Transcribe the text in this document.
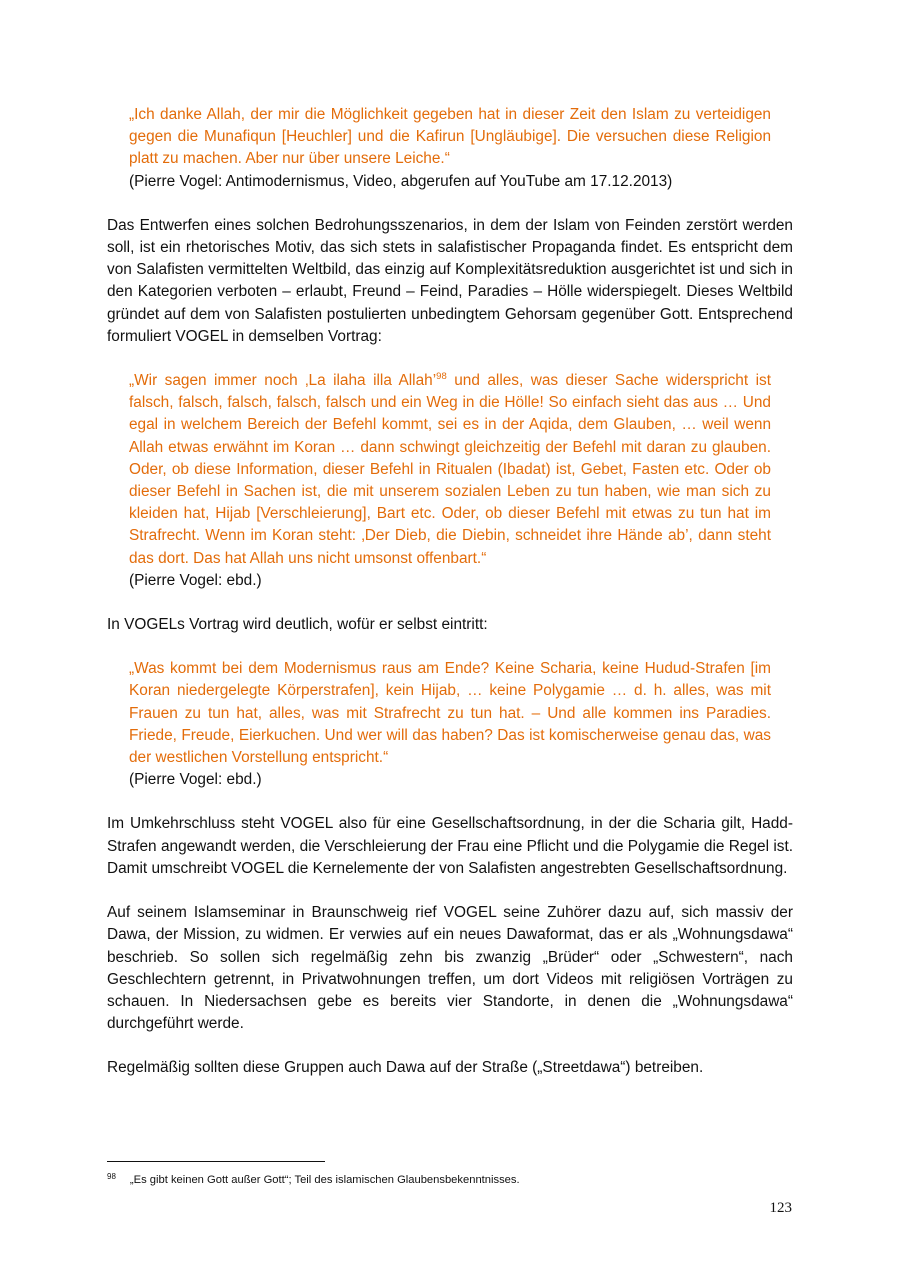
„Ich danke Allah, der mir die Möglichkeit gegeben hat in dieser Zeit den Islam zu verteidigen gegen die Munafiqun [Heuchler] und die Kafirun [Ungläubige]. Die versuchen diese Religion platt zu machen. Aber nur über unsere Leiche.“

(Pierre Vogel: Antimodernismus, Video, abgerufen auf YouTube am 17.12.2013)

Das Entwerfen eines solchen Bedrohungsszenarios, in dem der Islam von Feinden zerstört werden soll, ist ein rhetorisches Motiv, das sich stets in salafistischer Propaganda findet. Es entspricht dem von Salafisten vermittelten Weltbild, das einzig auf Komplexitätsreduktion ausgerichtet ist und sich in den Kategorien verboten – erlaubt, Freund – Feind, Paradies – Hölle widerspiegelt. Dieses Weltbild gründet auf dem von Salafisten postulierten unbedingtem Gehorsam gegenüber Gott. Entsprechend formuliert VOGEL in demselben Vortrag:

„Wir sagen immer noch ‚La ilaha illa Allah’$^{98}$ und alles, was dieser Sache widerspricht ist falsch, falsch, falsch, falsch, falsch und ein Weg in die Hölle! So einfach sieht das aus … Und egal in welchem Bereich der Befehl kommt, sei es in der Aqida, dem Glauben, … weil wenn Allah etwas erwähnt im Koran … dann schwingt gleichzeitig der Befehl mit daran zu glauben. Oder, ob diese Information, dieser Befehl in Ritualen (Ibadat) ist, Gebet, Fasten etc. Oder ob dieser Befehl in Sachen ist, die mit unserem sozialen Leben zu tun haben, wie man sich zu kleiden hat, Hijab [Verschleierung], Bart etc. Oder, ob dieser Befehl mit etwas zu tun hat im Strafrecht. Wenn im Koran steht: ‚Der Dieb, die Diebin, schneidet ihre Hände ab’, dann steht das dort. Das hat Allah uns nicht umsonst offenbart.“

(Pierre Vogel: ebd.)

In VOGELs Vortrag wird deutlich, wofür er selbst eintritt:

„Was kommt bei dem Modernismus raus am Ende? Keine Scharia, keine Hudud-Strafen [im Koran niedergelegte Körperstrafen], kein Hijab, … keine Polygamie … d. h. alles, was mit Frauen zu tun hat, alles, was mit Strafrecht zu tun hat. – Und alle kommen ins Paradies. Friede, Freude, Eierkuchen. Und wer will das haben? Das ist komischerweise genau das, was der westlichen Vorstellung entspricht.“

(Pierre Vogel: ebd.)

Im Umkehrschluss steht VOGEL also für eine Gesellschaftsordnung, in der die Scharia gilt, Hadd-Strafen angewandt werden, die Verschleierung der Frau eine Pflicht und die Polygamie die Regel ist. Damit umschreibt VOGEL die Kernelemente der von Salafisten angestrebten Gesellschaftsordnung.

Auf seinem Islamseminar in Braunschweig rief VOGEL seine Zuhörer dazu auf, sich massiv der Dawa, der Mission, zu widmen. Er verwies auf ein neues Dawaformat, das er als „Wohnungsdawa“ beschrieb. So sollen sich regelmäßig zehn bis zwanzig „Brüder“ oder „Schwestern“, nach Geschlechtern getrennt, in Privatwohnungen treffen, um dort Videos mit religiösen Vorträgen zu schauen. In Niedersachsen gebe es bereits vier Standorte, in denen die „Wohnungsdawa“ durchgeführt werde.

Regelmäßig sollten diese Gruppen auch Dawa auf der Straße („Streetdawa“) betreiben.

$^{98}$ „Es gibt keinen Gott außer Gott“; Teil des islamischen Glaubensbekenntnisses.
123
